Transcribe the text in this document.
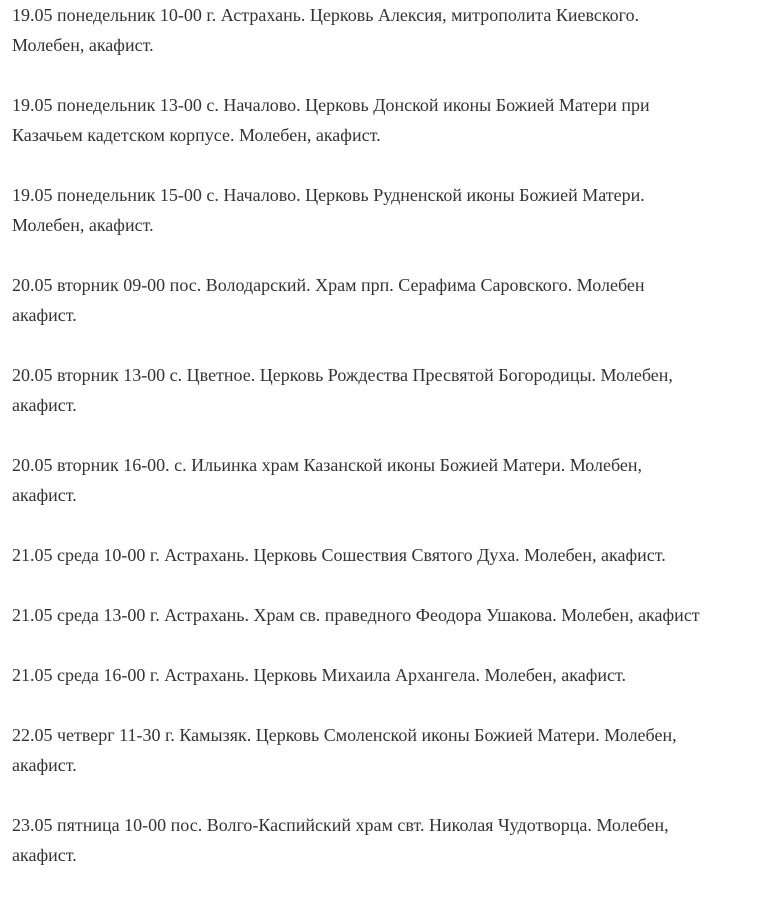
19.05 понедельник 10-00 г. Астрахань. Церковь Алексия, митрополита Киевского.
Молебен, акафист.

19.05 понедельник 13-00 с. Началово. Церковь Донской иконы Божией Матери при
Казачьем кадетском корпусе. Молебен, акафист.

19.05 понедельник 15-00 с. Началово. Церковь Рудненской иконы Божией Матери.
Молебен, акафист.

20.05 вторник 09-00 пос. Володарский. Храм прп. Серафима Саровского. Молебен
акафист.

20.05 вторник 13-00 с. Цветное. Церковь Рождества Пресвятой Богородицы. Молебен,
акафист.

20.05 вторник 16-00. с. Ильинка храм Казанской иконы Божией Матери. Молебен,
акафист.

21.05 среда 10-00 г. Астрахань. Церковь Сошествия Святого Духа. Молебен, акафист.

21.05 среда 13-00 г. Астрахань. Храм св. праведного Феодора Ушакова. Молебен, акафист

21.05 среда 16-00 г. Астрахань. Церковь Михаила Архангела. Молебен, акафист.

22.05 четверг 11-30 г. Камызяк. Церковь Смоленской иконы Божией Матери. Молебен,
акафист.

23.05 пятница 10-00 пос. Волго-Каспийский храм свт. Николая Чудотворца. Молебен,
акафист.
